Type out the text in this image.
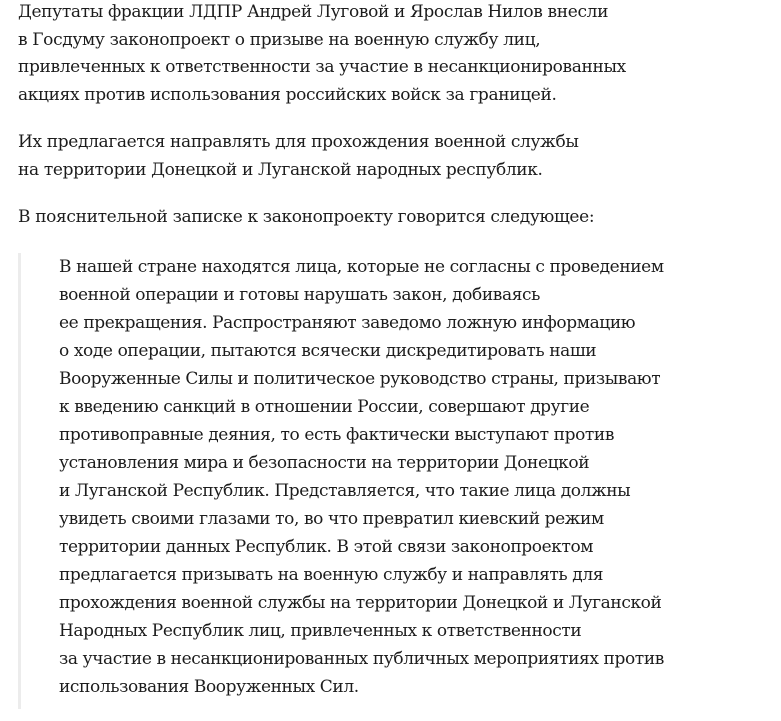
Депутаты фракции ЛДПР Андрей Луговой и Ярослав Нилов внесли
в Госдуму законопроект о призыве на военную службу лиц,
привлеченных к ответственности за участие в несанкционированных
акциях против использования российских войск за границей.

Их предлагается направлять для прохождения военной службы
на территории Донецкой и Луганской народных республик.

В пояснительной записке к законопроекту говорится следующее:

В нашей стране находятся лица, которые не согласны с проведением
военной операции и готовы нарушать закон, добиваясь
ее прекращения. Распространяют заведомо ложную информацию
о ходе операции, пытаются всячески дискредитировать наши
Вооруженные Силы и политическое руководство страны, призывают
к введению санкций в отношении России, совершают другие
противоправные деяния, то есть фактически выступают против
установления мира и безопасности на территории Донецкой
и Луганской Республик. Представляется, что такие лица должны
увидеть своими глазами то, во что превратил киевский режим
территории данных Республик. В этой связи законопроектом
предлагается призывать на военную службу и направлять для
прохождения военной службы на территории Донецкой и Луганской
Народных Республик лиц, привлеченных к ответственности
за участие в несанкционированных публичных мероприятиях против
использования Вооруженных Сил.
